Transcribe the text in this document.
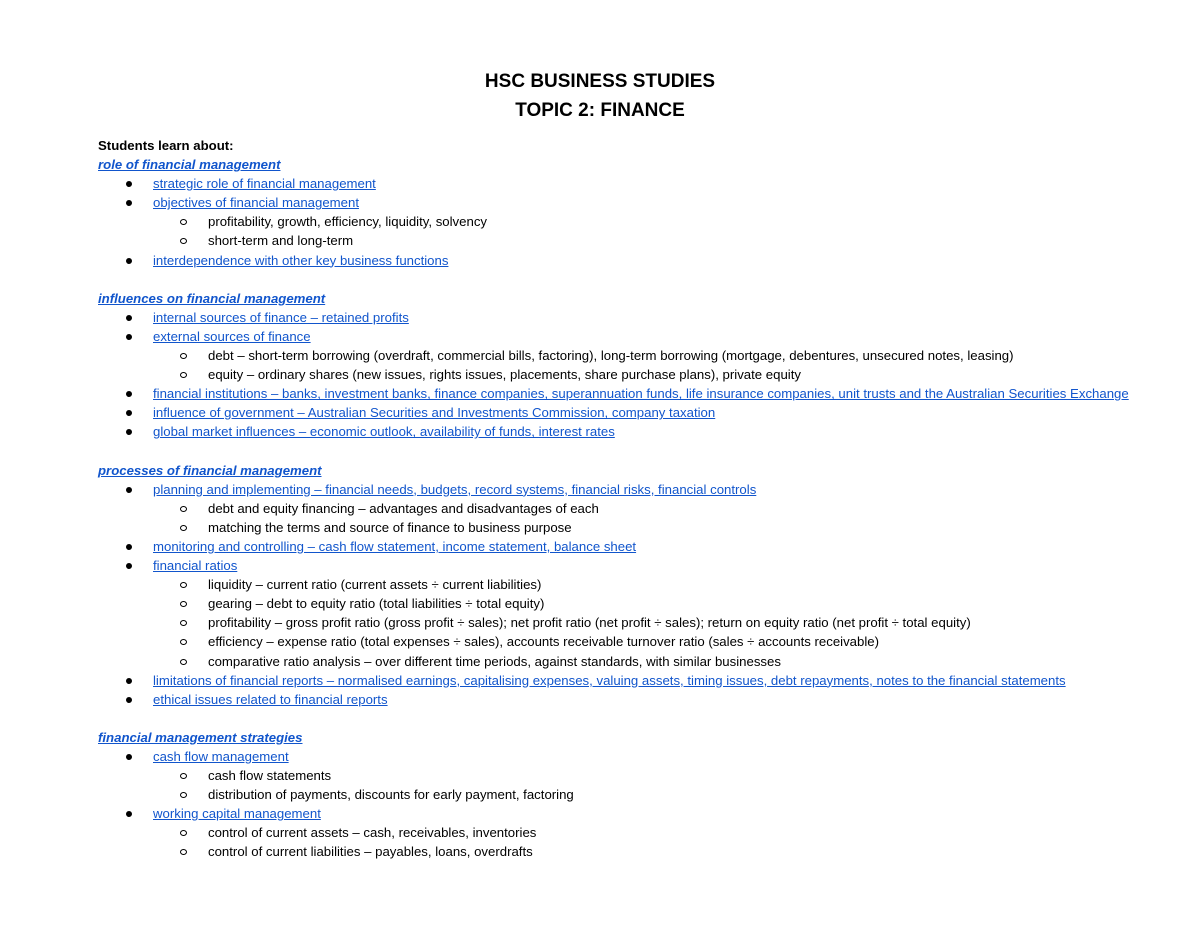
HSC BUSINESS STUDIES
TOPIC 2: FINANCE
Students learn about:
role of financial management
strategic role of financial management
objectives of financial management
profitability, growth, efficiency, liquidity, solvency
short-term and long-term
interdependence with other key business functions
influences on financial management
internal sources of finance – retained profits
external sources of finance
debt – short-term borrowing (overdraft, commercial bills, factoring), long-term borrowing (mortgage, debentures, unsecured notes, leasing)
equity – ordinary shares (new issues, rights issues, placements, share purchase plans), private equity
financial institutions – banks, investment banks, finance companies, superannuation funds, life insurance companies, unit trusts and the Australian Securities Exchange
influence of government – Australian Securities and Investments Commission, company taxation
global market influences – economic outlook, availability of funds, interest rates
processes of financial management
planning and implementing – financial needs, budgets, record systems, financial risks, financial controls
debt and equity financing – advantages and disadvantages of each
matching the terms and source of finance to business purpose
monitoring and controlling – cash flow statement, income statement, balance sheet
financial ratios
liquidity – current ratio (current assets ÷ current liabilities)
gearing – debt to equity ratio (total liabilities ÷ total equity)
profitability – gross profit ratio (gross profit ÷ sales); net profit ratio (net profit ÷ sales); return on equity ratio (net profit ÷ total equity)
efficiency – expense ratio (total expenses ÷ sales), accounts receivable turnover ratio (sales ÷ accounts receivable)
comparative ratio analysis – over different time periods, against standards, with similar businesses
limitations of financial reports – normalised earnings, capitalising expenses, valuing assets, timing issues, debt repayments, notes to the financial statements
ethical issues related to financial reports
financial management strategies
cash flow management
cash flow statements
distribution of payments, discounts for early payment, factoring
working capital management
control of current assets – cash, receivables, inventories
control of current liabilities – payables, loans, overdrafts
